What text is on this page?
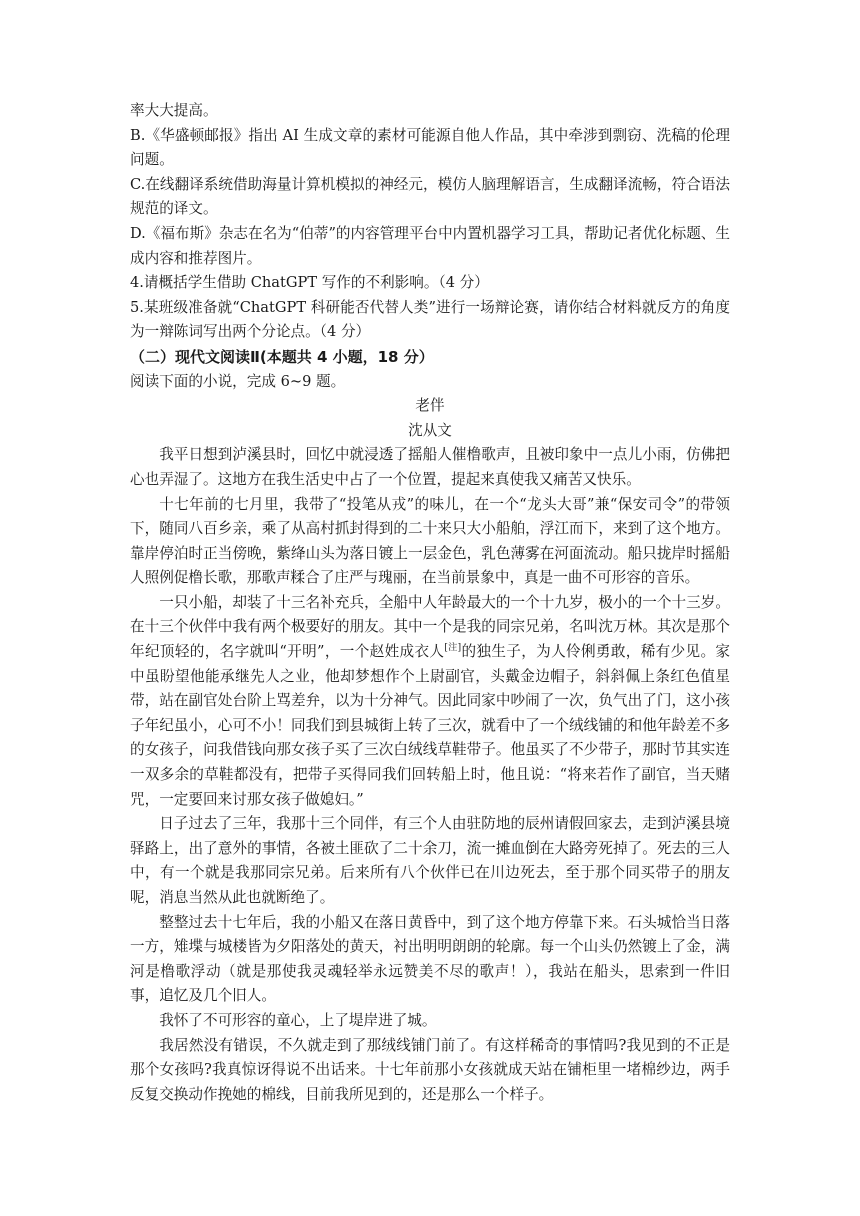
率大大提高。

B.《华盛顿邮报》指出 AI 生成文章的素材可能源自他人作品，其中牵涉到剽窃、洗稿的伦理问题。

C.在线翻译系统借助海量计算机模拟的神经元，模仿人脑理解语言，生成翻译流畅，符合语法规范的译文。

D.《福布斯》杂志在名为“伯蒂”的内容管理平台中内置机器学习工具，帮助记者优化标题、生成内容和推荐图片。

4.请概括学生借助 ChatGPT 写作的不利影响。（4 分）

5.某班级准备就“ChatGPT 科研能否代替人类”进行一场辩论赛，请你结合材料就反方的角度为一辩陈词写出两个分论点。（4 分）

（二）现代文阅读Ⅱ(本题共 4 小题，18 分）

阅读下面的小说，完成 6~9 题。

老伴

沈从文

我平日想到泸溪县时，回忆中就浸透了摇船人催橹歌声，且被印象中一点儿小雨，仿佛把心也弄湿了。这地方在我生活史中占了一个位置，提起来真使我又痛苦又快乐。

十七年前的七月里，我带了“投笔从戎”的味儿，在一个“龙头大哥”兼“保安司令”的带领下，随同八百乡亲，乘了从高村抓封得到的二十来只大小船舶，浮江而下，来到了这个地方。靠岸停泊时正当傍晚，紫绛山头为落日镀上一层金色，乳色薄雾在河面流动。船只拢岸时摇船人照例促橹长歌，那歌声糅合了庄严与瑰丽，在当前景象中，真是一曲不可形容的音乐。

一只小船，却装了十三名补充兵，全船中人年龄最大的一个十九岁，极小的一个十三岁。在十三个伙伴中我有两个极要好的朋友。其中一个是我的同宗兄弟，名叫沈万林。其次是那个年纪顶轻的，名字就叫“开明”，一个赵姓成衣人[注]的独生子，为人伶俐勇敢，稀有少见。家中虽盼望他能承继先人之业，他却梦想作个上尉副官，头戴金边帽子，斜斜佩上条红色值星带，站在副官处台阶上骂差弁，以为十分神气。因此同家中吵闹了一次，负气出了门，这小孩子年纪虽小，心可不小！同我们到县城街上转了三次，就看中了一个绒线铺的和他年龄差不多的女孩子，问我借钱向那女孩子买了三次白绒线草鞋带子。他虽买了不少带子，那时节其实连一双多余的草鞋都没有，把带子买得同我们回转船上时，他且说：“将来若作了副官，当天赌咒，一定要回来讨那女孩子做媳妇。”

日子过去了三年，我那十三个同伴，有三个人由驻防地的辰州请假回家去，走到泸溪县境驿路上，出了意外的事情，各被土匪砍了二十余刀，流一摊血倒在大路旁死掉了。死去的三人中，有一个就是我那同宗兄弟。后来所有八个伙伴已在川边死去，至于那个同买带子的朋友呢，消息当然从此也就断绝了。

整整过去十七年后，我的小船又在落日黄昏中，到了这个地方停靠下来。石头城恰当日落一方，雉堞与城楼皆为夕阳落处的黄天，衬出明明朗朗的轮廓。每一个山头仍然镀上了金，满河是橹歌浮动（就是那使我灵魂轻举永远赞美不尽的歌声！），我站在船头，思索到一件旧事，追忆及几个旧人。

我怀了不可形容的童心，上了堤岸进了城。

我居然没有错误，不久就走到了那绒线铺门前了。有这样稀奇的事情吗?我见到的不正是那个女孩吗?我真惊讶得说不出话来。十七年前那小女孩就成天站在铺柜里一堵棉纱边，两手反复交换动作挽她的棉线，目前我所见到的，还是那么一个样子。
